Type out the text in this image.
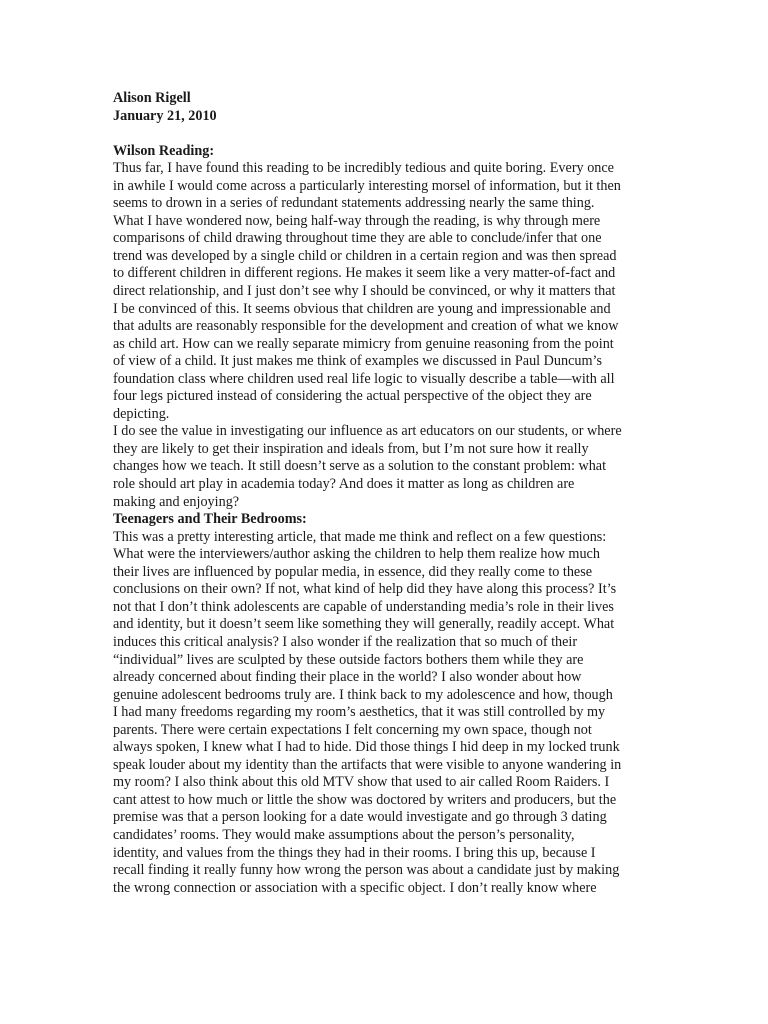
Alison Rigell
January 21, 2010
Wilson Reading:
Thus far, I have found this reading to be incredibly tedious and quite boring. Every once
in awhile I would come across a particularly interesting morsel of information, but it then
seems to drown in a series of redundant statements addressing nearly the same thing.
What I have wondered now, being half-way through the reading, is why through mere
comparisons of child drawing throughout time they are able to conclude/infer that one
trend was developed by a single child or children in a certain region and was then spread
to different children in different regions. He makes it seem like a very matter-of-fact and
direct relationship, and I just don’t see why I should be convinced, or why it matters that
I be convinced of this. It seems obvious that children are young and impressionable and
that adults are reasonably responsible for the development and creation of what we know
as child art. How can we really separate mimicry from genuine reasoning from the point
of view of a child. It just makes me think of examples we discussed in Paul Duncum’s
foundation class where children used real life logic to visually describe a table—with all
four legs pictured instead of considering the actual perspective of the object they are
depicting.
I do see the value in investigating our influence as art educators on our students, or where
they are likely to get their inspiration and ideals from, but I’m not sure how it really
changes how we teach. It still doesn’t serve as a solution to the constant problem: what
role should art play in academia today? And does it matter as long as children are
making and enjoying?
Teenagers and Their Bedrooms:
This was a pretty interesting article, that made me think and reflect on a few questions:
What were the interviewers/author asking the children to help them realize how much
their lives are influenced by popular media, in essence, did they really come to these
conclusions on their own? If not, what kind of help did they have along this process? It’s
not that I don’t think adolescents are capable of understanding media’s role in their lives
and identity, but it doesn’t seem like something they will generally, readily accept. What
induces this critical analysis? I also wonder if the realization that so much of their
“individual” lives are sculpted by these outside factors bothers them while they are
already concerned about finding their place in the world? I also wonder about how
genuine adolescent bedrooms truly are. I think back to my adolescence and how, though
I had many freedoms regarding my room’s aesthetics, that it was still controlled by my
parents. There were certain expectations I felt concerning my own space, though not
always spoken, I knew what I had to hide. Did those things I hid deep in my locked trunk
speak louder about my identity than the artifacts that were visible to anyone wandering in
my room? I also think about this old MTV show that used to air called Room Raiders. I
cant attest to how much or little the show was doctored by writers and producers, but the
premise was that a person looking for a date would investigate and go through 3 dating
candidates’ rooms. They would make assumptions about the person’s personality,
identity, and values from the things they had in their rooms. I bring this up, because I
recall finding it really funny how wrong the person was about a candidate just by making
the wrong connection or association with a specific object. I don’t really know where
